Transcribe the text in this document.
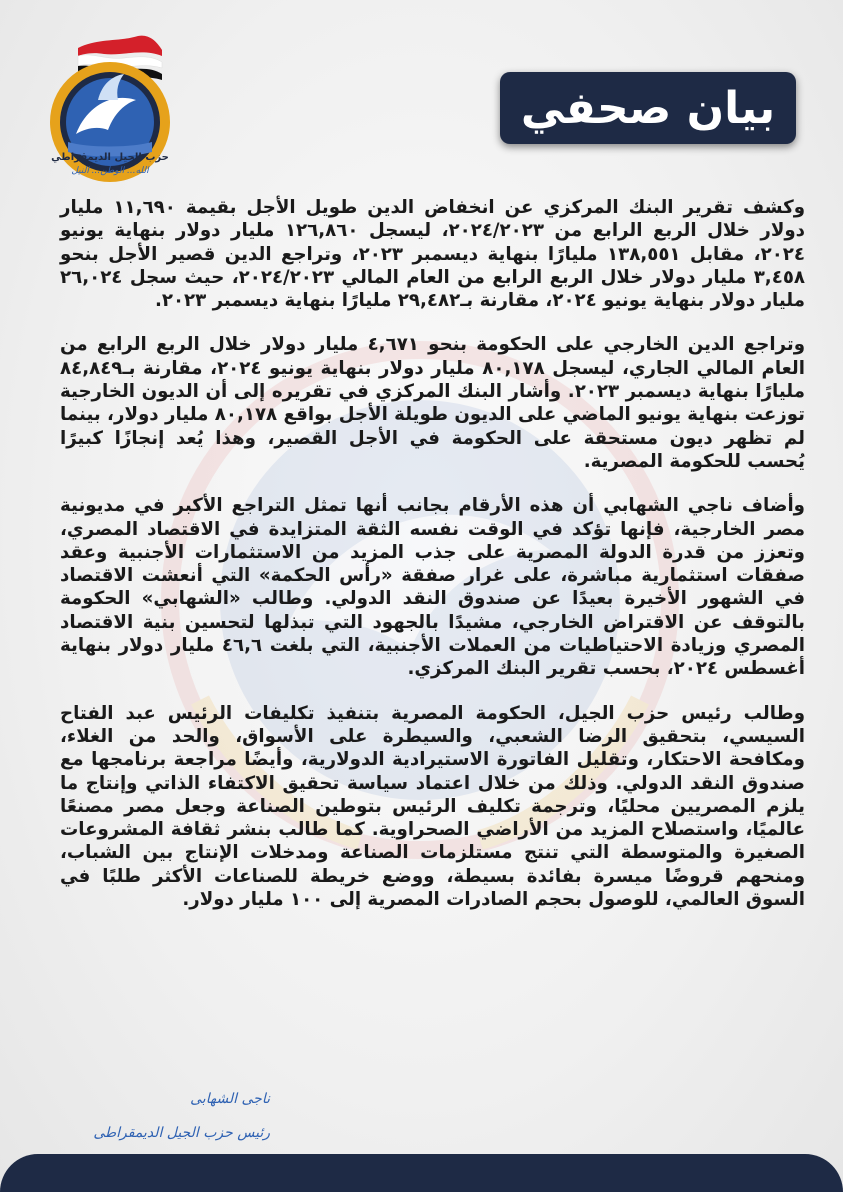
حزب الجيل الديمقراطي
الله... الوطن... النيل
بيان صحفي

وكشف تقرير البنك المركزي عن انخفاض الدين طويل الأجل بقيمة ١١,٦٩٠ مليار دولار خلال الربع الرابع من ٢٠٢٤/٢٠٢٣، ليسجل ١٢٦,٨٦٠ مليار دولار بنهاية يونيو ٢٠٢٤، مقابل ١٣٨,٥٥١ مليارًا بنهاية ديسمبر ٢٠٢٣، وتراجع الدين قصير الأجل بنحو ٣,٤٥٨ مليار دولار خلال الربع الرابع من العام المالي ٢٠٢٤/٢٠٢٣، حيث سجل ٢٦,٠٢٤ مليار دولار بنهاية يونيو ٢٠٢٤، مقارنة بـ٢٩,٤٨٢ مليارًا بنهاية ديسمبر ٢٠٢٣.

وتراجع الدين الخارجي على الحكومة بنحو ٤,٦٧١ مليار دولار خلال الربع الرابع من العام المالي الجاري، ليسجل ٨٠,١٧٨ مليار دولار بنهاية يونيو ٢٠٢٤، مقارنة بـ٨٤,٨٤٩ مليارًا بنهاية ديسمبر ٢٠٢٣. وأشار البنك المركزي في تقريره إلى أن الديون الخارجية توزعت بنهاية يونيو الماضي على الديون طويلة الأجل بواقع ٨٠,١٧٨ مليار دولار، بينما لم تظهر ديون مستحقة على الحكومة في الأجل القصير، وهذا يُعد إنجازًا كبيرًا يُحسب للحكومة المصرية.

وأضاف ناجي الشهابي أن هذه الأرقام بجانب أنها تمثل التراجع الأكبر في مديونية مصر الخارجية، فإنها تؤكد في الوقت نفسه الثقة المتزايدة في الاقتصاد المصري، وتعزز من قدرة الدولة المصرية على جذب المزيد من الاستثمارات الأجنبية وعقد صفقات استثمارية مباشرة، على غرار صفقة «رأس الحكمة» التي أنعشت الاقتصاد في الشهور الأخيرة بعيدًا عن صندوق النقد الدولي. وطالب «الشهابي» الحكومة بالتوقف عن الاقتراض الخارجي، مشيدًا بالجهود التي تبذلها لتحسين بنية الاقتصاد المصري وزيادة الاحتياطيات من العملات الأجنبية، التي بلغت ٤٦,٦ مليار دولار بنهاية أغسطس ٢٠٢٤، بحسب تقرير البنك المركزي.

وطالب رئيس حزب الجيل، الحكومة المصرية بتنفيذ تكليفات الرئيس عبد الفتاح السيسي، بتحقيق الرضا الشعبي، والسيطرة على الأسواق، والحد من الغلاء، ومكافحة الاحتكار، وتقليل الفاتورة الاستيرادية الدولارية، وأيضًا مراجعة برنامجها مع صندوق النقد الدولي. وذلك من خلال اعتماد سياسة تحقيق الاكتفاء الذاتي وإنتاج ما يلزم المصريين محليًا، وترجمة تكليف الرئيس بتوطين الصناعة وجعل مصر مصنعًا عالميًا، واستصلاح المزيد من الأراضي الصحراوية. كما طالب بنشر ثقافة المشروعات الصغيرة والمتوسطة التي تنتج مستلزمات الصناعة ومدخلات الإنتاج بين الشباب، ومنحهم قروضًا ميسرة بفائدة بسيطة، ووضع خريطة للصناعات الأكثر طلبًا في السوق العالمي، للوصول بحجم الصادرات المصرية إلى ١٠٠ مليار دولار.

ناجى الشهابى
رئيس حزب الجيل الديمقراطى
